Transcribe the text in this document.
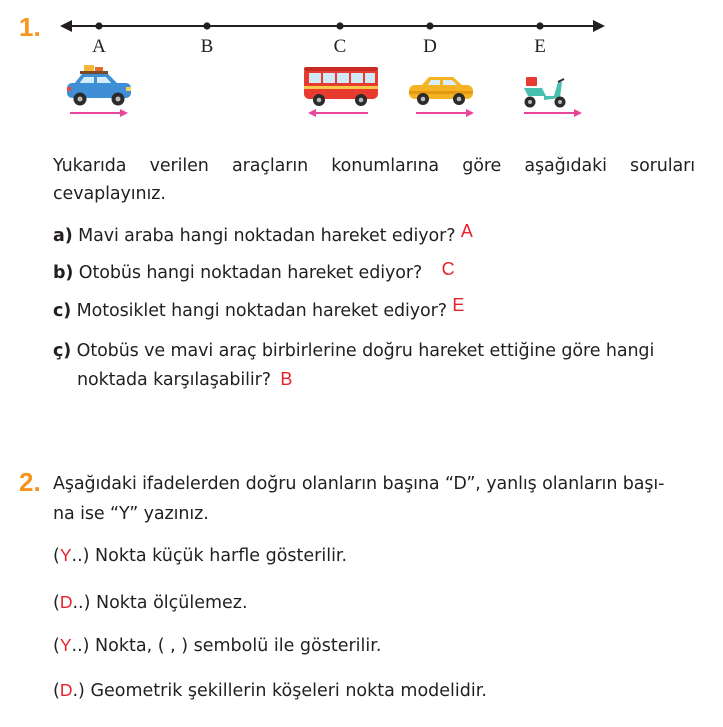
1.
A	B	C	D	E
Yukarıda verilen araçların konumlarına göre aşağıdaki soruları cevaplayınız.
a) Mavi araba hangi noktadan hareket ediyor? A
b) Otobüs hangi noktadan hareket ediyor? C
c) Motosiklet hangi noktadan hareket ediyor? E
ç) Otobüs ve mavi araç birbirlerine doğru hareket ettiğine göre hangi
noktada karşılaşabilir? B
2. Aşağıdaki ifadelerden doğru olanların başına “D”, yanlış olanların başı-
na ise “Y” yazınız.
(Y..) Nokta küçük harfle gösterilir.
(D..) Nokta ölçülemez.
(Y..) Nokta, ( , ) sembolü ile gösterilir.
(D.) Geometrik şekillerin köşeleri nokta modelidir.
